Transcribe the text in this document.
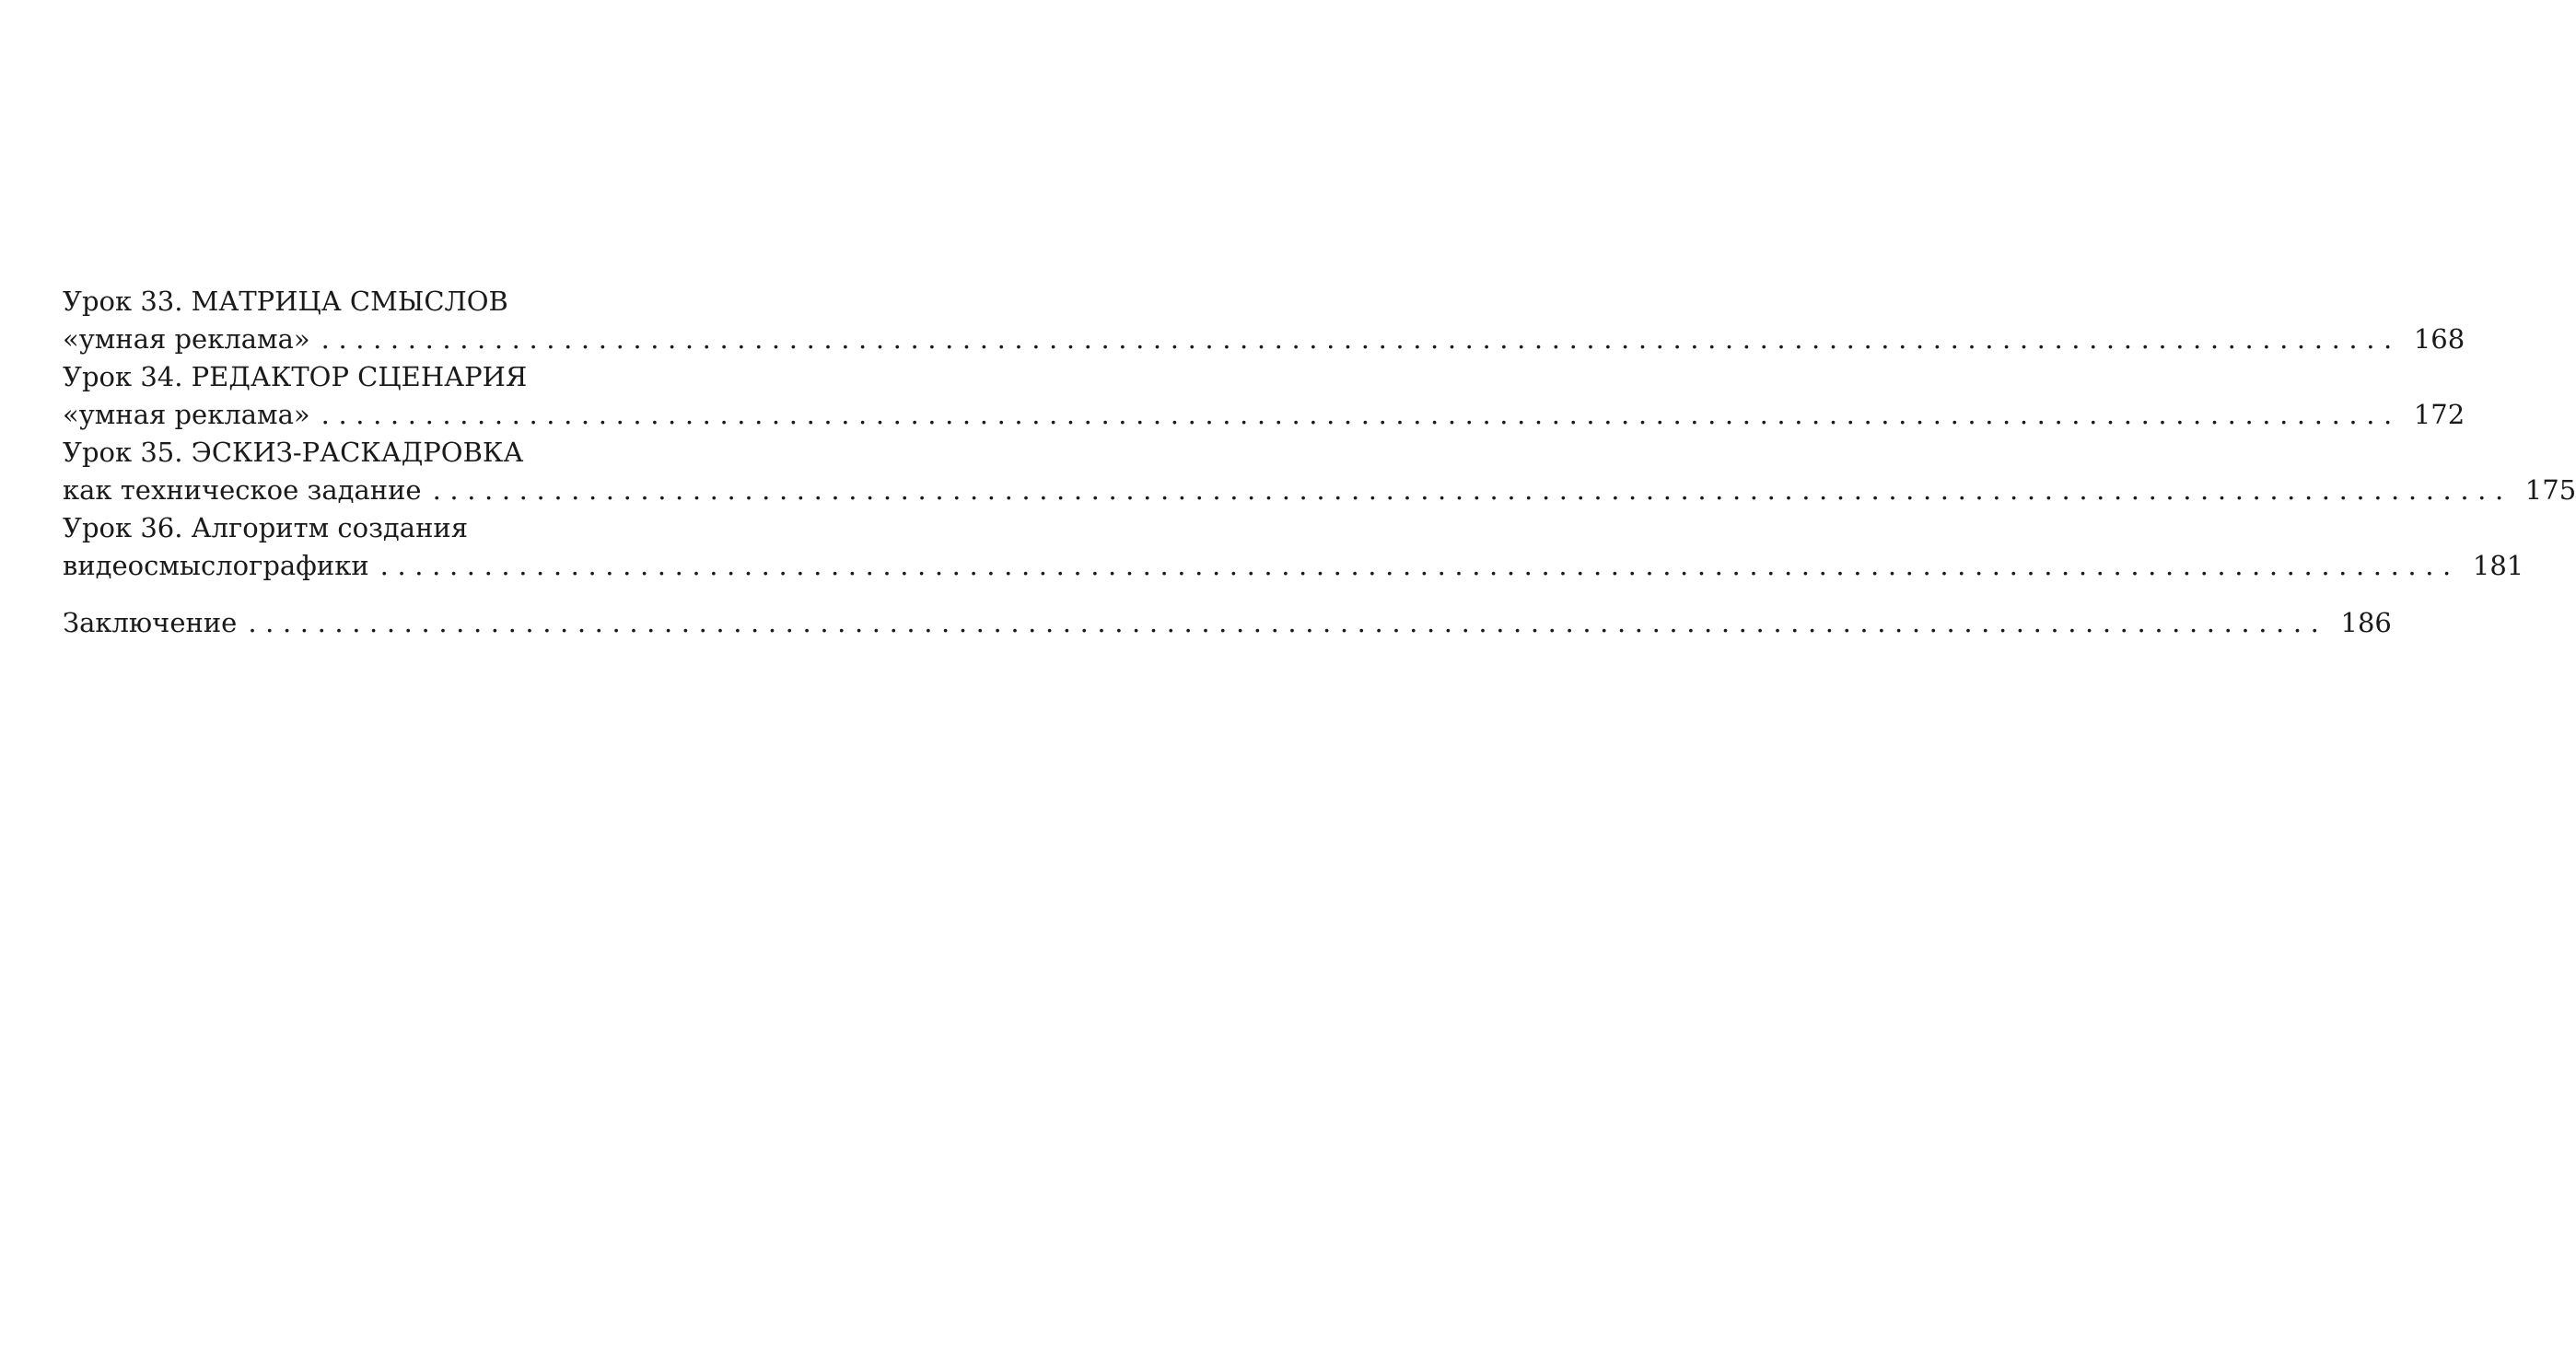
Урок 33. МАТРИЦА СМЫСЛОВ
«умная реклама» ........................................................................................................................ 168
Урок 34. РЕДАКТОР СЦЕНАРИЯ
«умная реклама» ........................................................................................................................ 172
Урок 35. ЭСКИЗ-РАСКАДРОВКА
как техническое задание ........................................................................................................................ 175
Урок 36. Алгоритм создания
видеосмыслографики ........................................................................................................................ 181
Заключение ........................................................................................................................ 186
